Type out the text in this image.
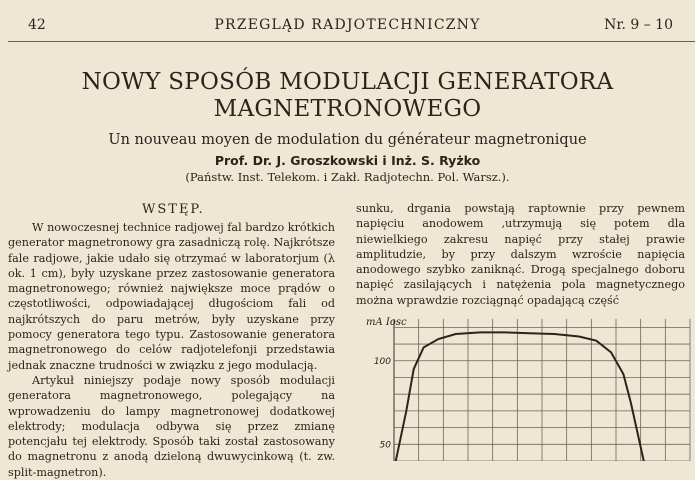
42	PRZEGLĄD RADJOTECHNICZNY	Nr. 9 – 10
NOWY SPOSÓB MODULACJI GENERATORA
MAGNETRONOWEGO
Un nouveau moyen de modulation du générateur magnetronique
Prof. Dr. J. Groszkowski i Inż. S. Ryżko
(Państw. Inst. Telekom. i Zakł. Radjotechn. Pol. Warsz.).
WSTĘP.

W nowoczesnej technice radjowej fal bardzo krótkich generator magnetronowy gra zasadniczą rolę. Najkrótsze fale radjowe, jakie udało się otrzymać w laboratorjum (λ ok. 1 cm), były uzyskane przez zastosowanie generatora magnetronowego; również największe moce prądów o częstotliwości, odpowiadającej długościom fali od najkrótszych do paru metrów, były uzyskane przy pomocy generatora tego typu. Zastosowanie generatora magnetronowego do celów radjotelefonji przedstawia jednak znaczne trudności w związku z jego modulacją.

Artykuł niniejszy podaje nowy sposób modulacji generatora magnetronowego, polegający na wprowadzeniu do lampy magnetronowej dodatkowej elektrody; modulacja odbywa się przez zmianę potencjału tej elektrody. Sposób taki został zastosowany do magnetronu z anodą dzieloną dwuwycinkową (t. zw. split-magnetron).

sunku, drgania powstają raptownie przy pewnem napięciu anodowem ,utrzymują się potem dla niewielkiego zakresu napięć przy stałej prawie amplitudzie, by przy dalszym wzroście napięcia anodowego szybko zaniknąć. Drogą specjalnego doboru napięć zasilających i natężenia pola magnetycznego można wprawdzie rozciągnąć opadającą część

mA Iosc
100
50
